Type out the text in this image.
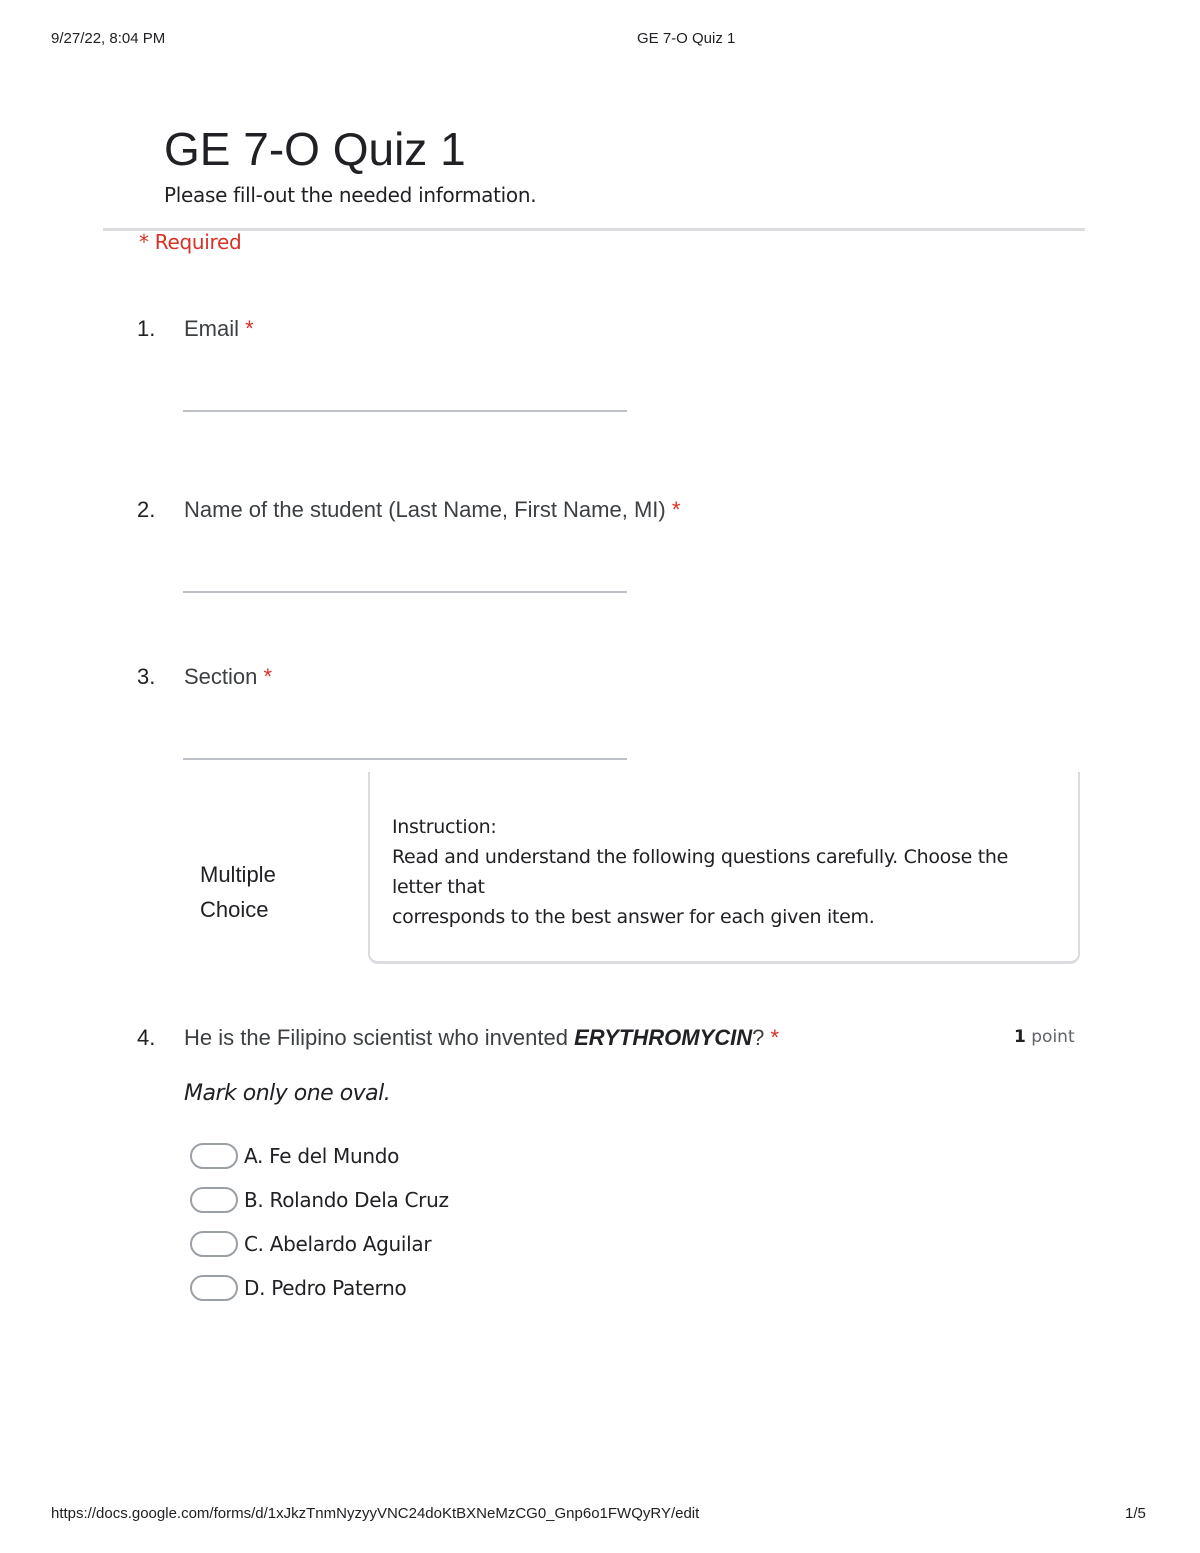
9/27/22, 8:04 PM	GE 7-O Quiz 1
GE 7-O Quiz 1
Please fill-out the needed information.
* Required
1. Email *
2. Name of the student (Last Name, First Name, MI) *
3. Section *
Multiple
Choice
Instruction:
Read and understand the following questions carefully. Choose the letter that
corresponds to the best answer for each given item.
4. He is the Filipino scientist who invented ERYTHROMYCIN? *	1 point
Mark only one oval.
A. Fe del Mundo
B. Rolando Dela Cruz
C. Abelardo Aguilar
D. Pedro Paterno
https://docs.google.com/forms/d/1xJkzTnmNyzyyVNC24doKtBXNeMzCG0_Gnp6o1FWQyRY/edit	1/5
